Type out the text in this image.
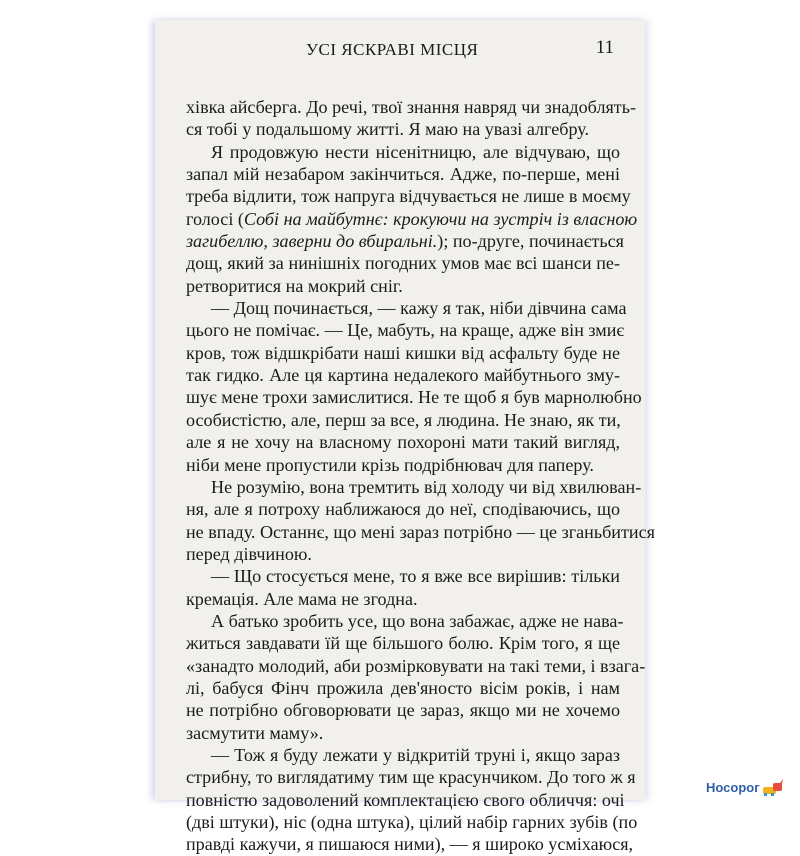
УСІ ЯСКРАВІ МІСЦЯ	11
хівка айсберга. До речі, твої знання навряд чи знадоблять-
ся тобі у подальшому житті. Я маю на увазі алгебру.
Я продовжую нести нісенітницю, але відчуваю, що
запал мій незабаром закінчиться. Адже, по-перше, мені
треба відлити, тож напруга відчувається не лише в моєму
голосі (Собі на майбутнє: крокуючи на зустріч із власною
загибеллю, заверни до вбиральні.); по-друге, починається
дощ, який за нинішніх погодних умов має всі шанси пе-
ретворитися на мокрий сніг.
— Дощ починається, — кажу я так, ніби дівчина сама
цього не помічає. — Це, мабуть, на краще, адже він змиє
кров, тож відшкрібати наші кишки від асфальту буде не
так гидко. Але ця картина недалекого майбутнього зму-
шує мене трохи замислитися. Не те щоб я був марнолюбно
особистістю, але, перш за все, я людина. Не знаю, як ти,
але я не хочу на власному похороні мати такий вигляд,
ніби мене пропустили крізь подрібнювач для паперу.
Не розумію, вона тремтить від холоду чи від хвилюван-
ня, але я потроху наближаюся до неї, сподіваючись, що
не впаду. Останнє, що мені зараз потрібно — це зганьбитися
перед дівчиною.
— Що стосується мене, то я вже все вирішив: тільки
кремація. Але мама не згодна.
А батько зробить усе, що вона забажає, адже не нава-
житься завдавати їй ще більшого болю. Крім того, я ще
«занадто молодий, аби розмірковувати на такі теми, і взага-
лі, бабуся Фінч прожила дев'яносто вісім років, і нам
не потрібно обговорювати це зараз, якщо ми не хочемо
засмутити маму».
— Тож я буду лежати у відкритій труні і, якщо зараз
стрибну, то виглядатиму тим ще красунчиком. До того ж я
повністю задоволений комплектацією свого обличчя: очі
(дві штуки), ніс (одна штука), цілий набір гарних зубів (по
правді кажучи, я пишаюся ними), — я широко усміхаюся,
Носорог
